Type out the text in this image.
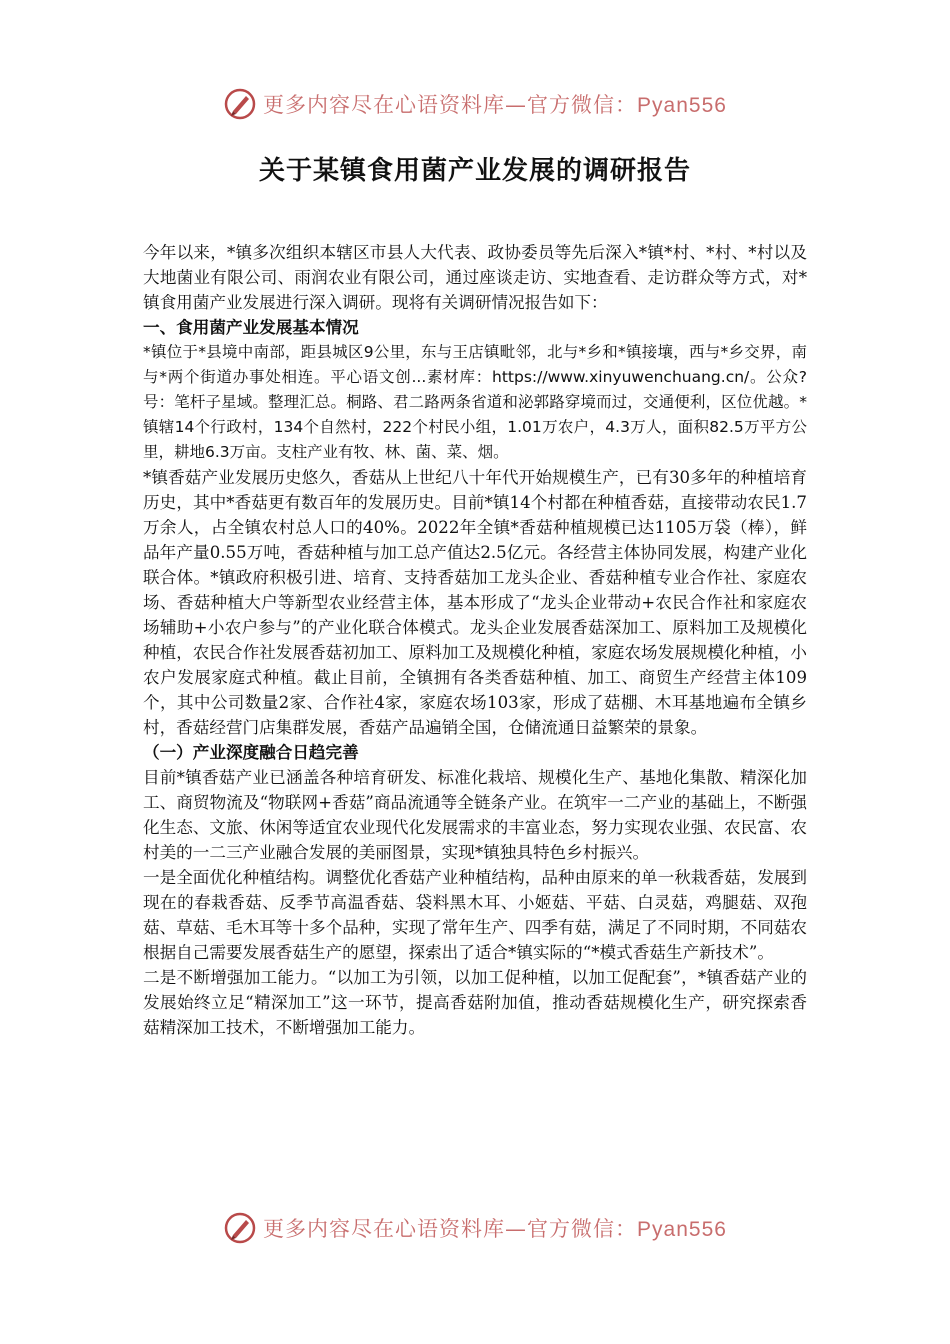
更多内容尽在心语资料库—官方微信：Pyan556
关于某镇食用菌产业发展的调研报告

今年以来，*镇多次组织本辖区市县人大代表、政协委员等先后深入*镇*村、*村、*村以及大地菌业有限公司、雨润农业有限公司，通过座谈走访、实地查看、走访群众等方式，对*镇食用菌产业发展进行深入调研。现将有关调研情况报告如下：

一、食用菌产业发展基本情况

*镇位于*县境中南部，距县城区9公里，东与王店镇毗邻，北与*乡和*镇接壤，西与*乡交界，南与*两个街道办事处相连。平心语文创...素材库：https://www.xinyuwenchuang.cn/。公众?号：笔杆子星域。整理汇总。桐路、君二路两条省道和泌郭路穿境而过，交通便利，区位优越。*镇辖14个行政村，134个自然村，222个村民小组，1.01万农户，4.3万人，面积82.5万平方公里，耕地6.3万亩。支柱产业有牧、林、菌、菜、烟。

*镇香菇产业发展历史悠久，香菇从上世纪八十年代开始规模生产，已有30多年的种植培育历史，其中*香菇更有数百年的发展历史。目前*镇14个村都在种植香菇，直接带动农民1.7万余人，占全镇农村总人口的40%。2022年全镇*香菇种植规模已达1105万袋（棒），鲜品年产量0.55万吨，香菇种植与加工总产值达2.5亿元。各经营主体协同发展，构建产业化联合体。*镇政府积极引进、培育、支持香菇加工龙头企业、香菇种植专业合作社、家庭农场、香菇种植大户等新型农业经营主体，基本形成了“龙头企业带动+农民合作社和家庭农场辅助+小农户参与”的产业化联合体模式。龙头企业发展香菇深加工、原料加工及规模化种植，农民合作社发展香菇初加工、原料加工及规模化种植，家庭农场发展规模化种植，小农户发展家庭式种植。截止目前，全镇拥有各类香菇种植、加工、商贸生产经营主体109个，其中公司数量2家、合作社4家，家庭农场103家，形成了菇棚、木耳基地遍布全镇乡村，香菇经营门店集群发展，香菇产品遍销全国，仓储流通日益繁荣的景象。

（一）产业深度融合日趋完善

目前*镇香菇产业已涵盖各种培育研发、标准化栽培、规模化生产、基地化集散、精深化加工、商贸物流及“物联网+香菇”商品流通等全链条产业。在筑牢一二产业的基础上，不断强化生态、文旅、休闲等适宜农业现代化发展需求的丰富业态，努力实现农业强、农民富、农村美的一二三产业融合发展的美丽图景，实现*镇独具特色乡村振兴。

一是全面优化种植结构。调整优化香菇产业种植结构，品种由原来的单一秋栽香菇，发展到现在的春栽香菇、反季节高温香菇、袋料黑木耳、小姬菇、平菇、白灵菇，鸡腿菇、双孢菇、草菇、毛木耳等十多个品种，实现了常年生产、四季有菇，满足了不同时期，不同菇农根据自己需要发展香菇生产的愿望，探索出了适合*镇实际的“*模式香菇生产新技术”。

二是不断增强加工能力。“以加工为引领，以加工促种植，以加工促配套”，*镇香菇产业的发展始终立足“精深加工”这一环节，提高香菇附加值，推动香菇规模化生产，研究探索香菇精深加工技术，不断增强加工能力。

更多内容尽在心语资料库—官方微信：Pyan556
